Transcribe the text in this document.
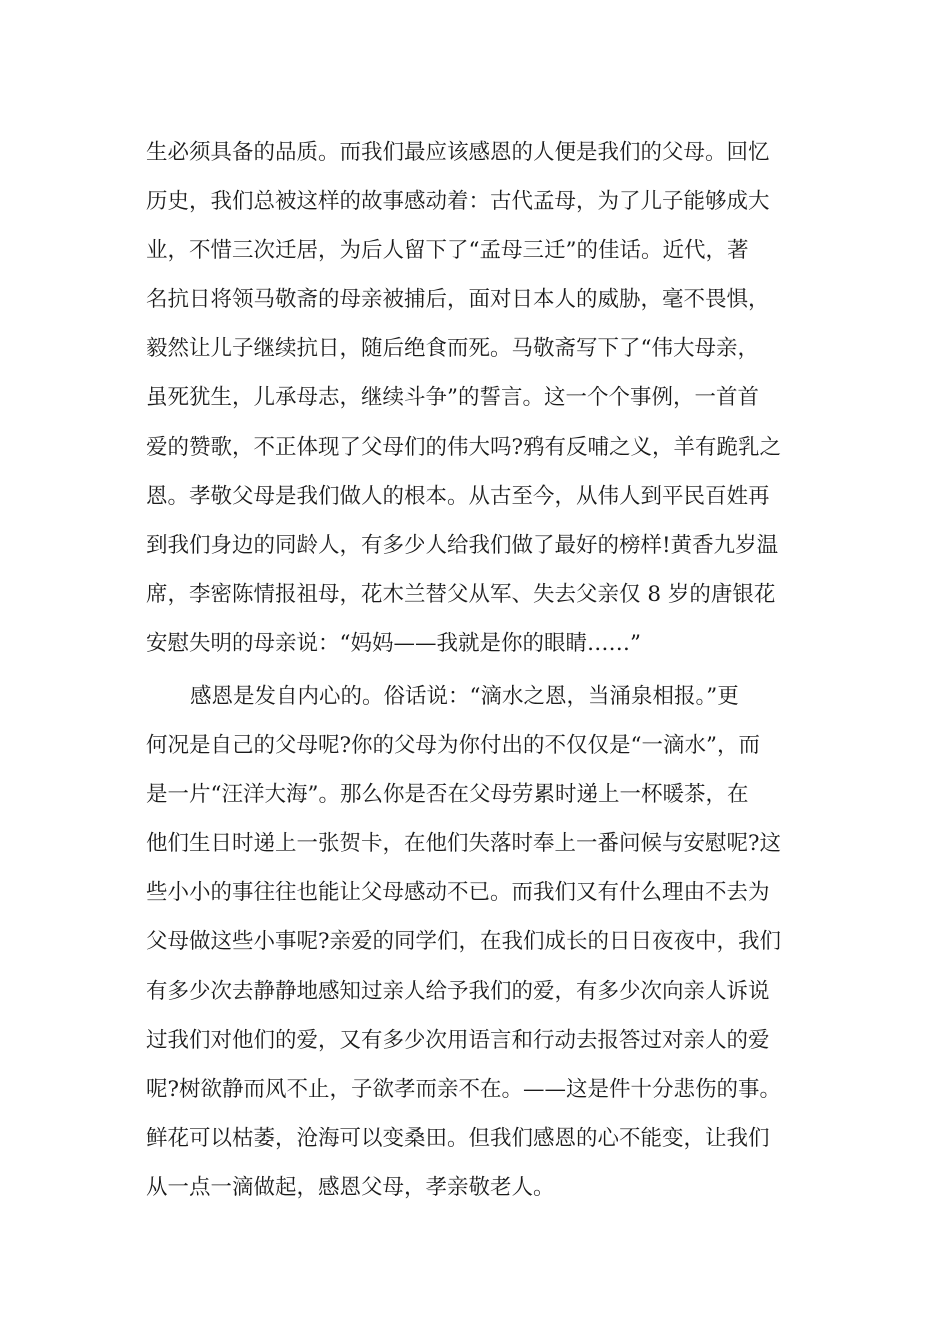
生必须具备的品质。而我们最应该感恩的人便是我们的父母。回忆
历史，我们总被这样的故事感动着：古代孟母，为了儿子能够成大
业，不惜三次迁居，为后人留下了“孟母三迁”的佳话。近代，著
名抗日将领马敬斋的母亲被捕后，面对日本人的威胁，毫不畏惧，
毅然让儿子继续抗日，随后绝食而死。马敬斋写下了“伟大母亲，
虽死犹生，儿承母志，继续斗争”的誓言。这一个个事例，一首首
爱的赞歌，不正体现了父母们的伟大吗?鸦有反哺之义，羊有跪乳之
恩。孝敬父母是我们做人的根本。从古至今，从伟人到平民百姓再
到我们身边的同龄人，有多少人给我们做了最好的榜样!黄香九岁温
席，李密陈情报祖母，花木兰替父从军、失去父亲仅 8 岁的唐银花
安慰失明的母亲说：“妈妈——我就是你的眼睛……”
感恩是发自内心的。俗话说：“滴水之恩，当涌泉相报。”更
何况是自己的父母呢?你的父母为你付出的不仅仅是“一滴水”，而
是一片“汪洋大海”。那么你是否在父母劳累时递上一杯暖茶，在
他们生日时递上一张贺卡，在他们失落时奉上一番问候与安慰呢?这
些小小的事往往也能让父母感动不已。而我们又有什么理由不去为
父母做这些小事呢?亲爱的同学们，在我们成长的日日夜夜中，我们
有多少次去静静地感知过亲人给予我们的爱，有多少次向亲人诉说
过我们对他们的爱，又有多少次用语言和行动去报答过对亲人的爱
呢?树欲静而风不止，子欲孝而亲不在。——这是件十分悲伤的事。
鲜花可以枯萎，沧海可以变桑田。但我们感恩的心不能变，让我们
从一点一滴做起，感恩父母，孝亲敬老人。
